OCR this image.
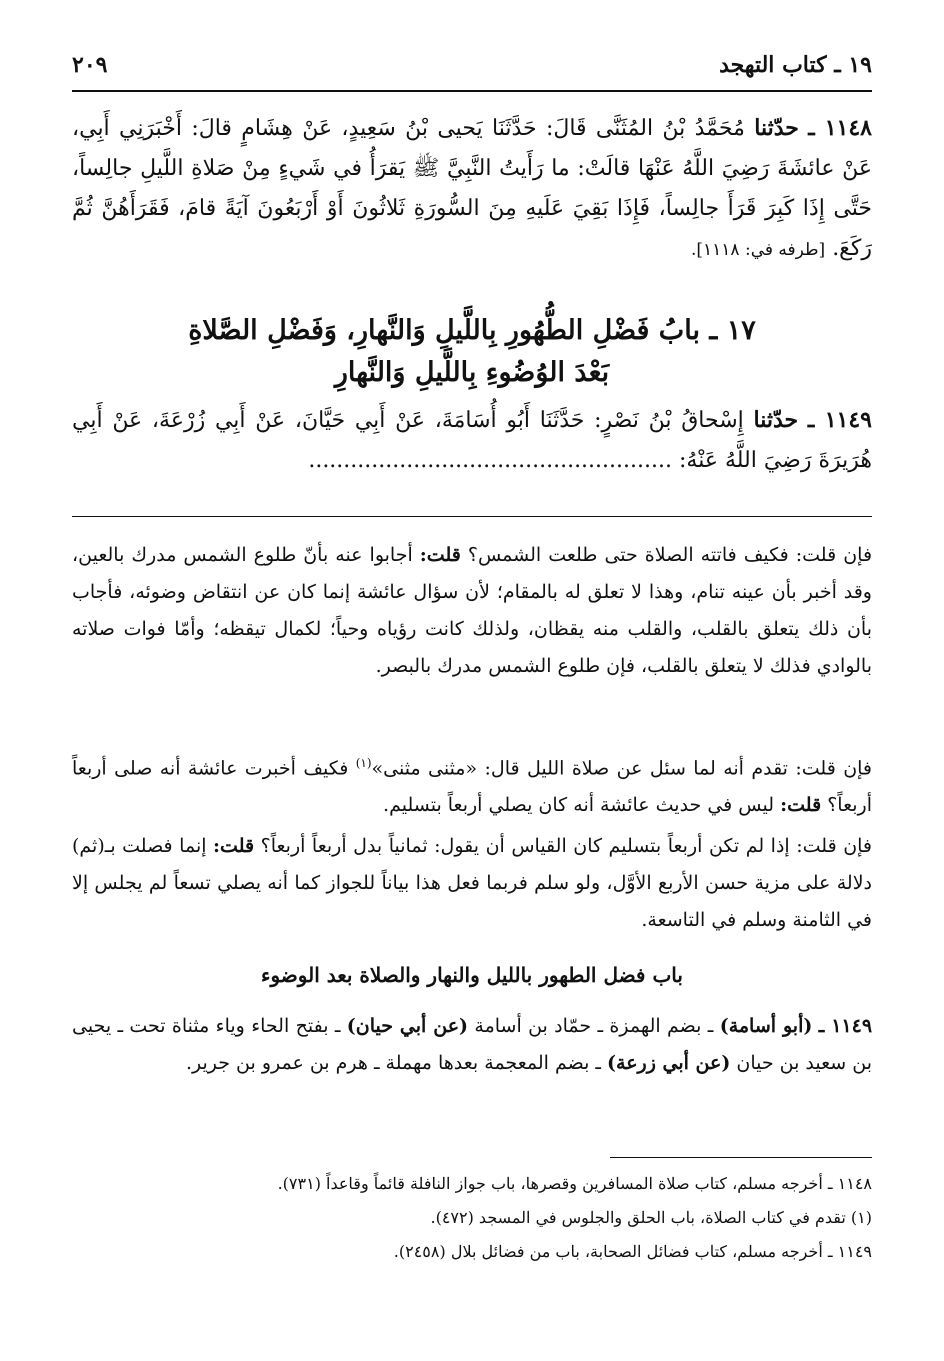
١٩ ـ كتاب التهجد
٢٠٩
١١٤٨ ـ حدّثنا مُحَمَّدُ بْنُ المُثَنَّى قَالَ: حَدَّثَنَا يَحيى بْنُ سَعِيدٍ، عَنْ هِشَامٍ قالَ: أَخْبَرَنِي أَبِي، عَنْ عائشَةَ رَضِيَ اللَّهُ عَنْهَا قالَتْ: ما رَأَيتُ النَّبِيَّ ﷺ يَقرَأُ في شَيءٍ مِنْ صَلاةِ اللَّيلِ جالِساً، حَتَّى إِذَا كَبِرَ قَرَأَ جالِساً، فَإِذَا بَقِيَ عَلَيهِ مِنَ السُّورَةِ ثَلاثُونَ أَوْ أَرْبَعُونَ آيَةً قامَ، فَقَرَأَهُنَّ ثُمَّ رَكَعَ. [طرفه في: ١١١٨].
١٧ ـ بابُ فَضْلِ الطُّهُورِ بِاللَّيلِ وَالنَّهارِ، وَفَضْلِ الصَّلاةِ
بَعْدَ الوُضُوءِ بِاللَّيلِ وَالنَّهارِ
١١٤٩ ـ حدّثنا إِسْحاقُ بْنُ نَصْرٍ: حَدَّثَنَا أَبُو أُسَامَةَ، عَنْ أَبِي حَيَّانَ، عَنْ أَبِي زُرْعَةَ، عَنْ أَبِي هُرَيرَةَ رَضِيَ اللَّهُ عَنْهُ: ....................................................
فإن قلت: فكيف فاتته الصلاة حتى طلعت الشمس؟ قلت: أجابوا عنه بأنّ طلوع الشمس مدرك بالعين، وقد أخبر بأن عينه تنام، وهذا لا تعلق له بالمقام؛ لأن سؤال عائشة إنما كان عن انتقاض وضوئه، فأجاب بأن ذلك يتعلق بالقلب، والقلب منه يقظان، ولذلك كانت رؤياه وحياً؛ لكمال تيقظه؛ وأمّا فوات صلاته بالوادي فذلك لا يتعلق بالقلب، فإن طلوع الشمس مدرك بالبصر.
فإن قلت: تقدم أنه لما سئل عن صلاة الليل قال: «مثنى مثنى»$^{(١)}$ فكيف أخبرت عائشة أنه صلى أربعاً أربعاً؟ قلت: ليس في حديث عائشة أنه كان يصلي أربعاً بتسليم.
فإن قلت: إذا لم تكن أربعاً بتسليم كان القياس أن يقول: ثمانياً بدل أربعاً أربعاً؟ قلت: إنما فصلت بـ(ثم) دلالة على مزية حسن الأربع الأوَّل، ولو سلم فربما فعل هذا بياناً للجواز كما أنه يصلي تسعاً لم يجلس إلا في الثامنة وسلم في التاسعة.
باب فضل الطهور بالليل والنهار والصلاة بعد الوضوء
١١٤٩ ـ (أبو أسامة) ـ بضم الهمزة ـ حمّاد بن أسامة (عن أبي حيان) ـ بفتح الحاء وياء مثناة تحت ـ يحيى بن سعيد بن حيان (عن أبي زرعة) ـ بضم المعجمة بعدها مهملة ـ هرم بن عمرو بن جرير.
١١٤٨ ـ أخرجه مسلم، كتاب صلاة المسافرين وقصرها، باب جواز النافلة قائماً وقاعداً (٧٣١).
(١) تقدم في كتاب الصلاة، باب الحلق والجلوس في المسجد (٤٧٢).
١١٤٩ ـ أخرجه مسلم، كتاب فضائل الصحابة، باب من فضائل بلال (٢٤٥٨).
